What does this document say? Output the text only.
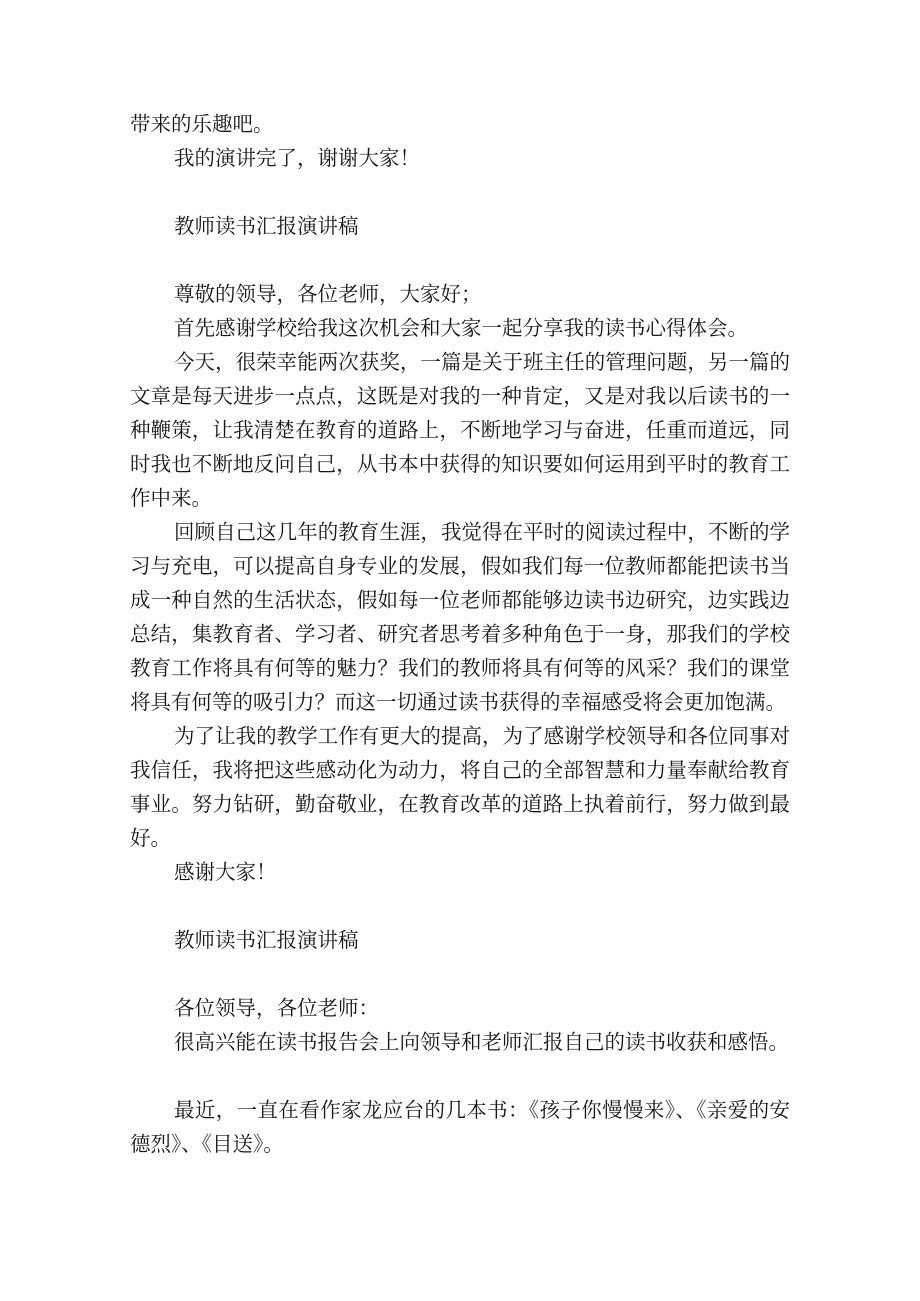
带来的乐趣吧。

我的演讲完了，谢谢大家！

教师读书汇报演讲稿

尊敬的领导，各位老师，大家好；

首先感谢学校给我这次机会和大家一起分享我的读书心得体会。

今天，很荣幸能两次获奖，一篇是关于班主任的管理问题，另一篇的文章是每天进步一点点，这既是对我的一种肯定，又是对我以后读书的一种鞭策，让我清楚在教育的道路上，不断地学习与奋进，任重而道远，同时我也不断地反问自己，从书本中获得的知识要如何运用到平时的教育工作中来。

回顾自己这几年的教育生涯，我觉得在平时的阅读过程中，不断的学习与充电，可以提高自身专业的发展，假如我们每一位教师都能把读书当成一种自然的生活状态，假如每一位老师都能够边读书边研究，边实践边总结，集教育者、学习者、研究者思考着多种角色于一身，那我们的学校教育工作将具有何等的魅力？我们的教师将具有何等的风采？我们的课堂将具有何等的吸引力？而这一切通过读书获得的幸福感受将会更加饱满。

为了让我的教学工作有更大的提高，为了感谢学校领导和各位同事对我信任，我将把这些感动化为动力，将自己的全部智慧和力量奉献给教育事业。努力钻研，勤奋敬业，在教育改革的道路上执着前行，努力做到最好。

感谢大家！

教师读书汇报演讲稿

各位领导，各位老师：

很高兴能在读书报告会上向领导和老师汇报自己的读书收获和感悟。

最近，一直在看作家龙应台的几本书：《孩子你慢慢来》、《亲爱的安德烈》、《目送》。
